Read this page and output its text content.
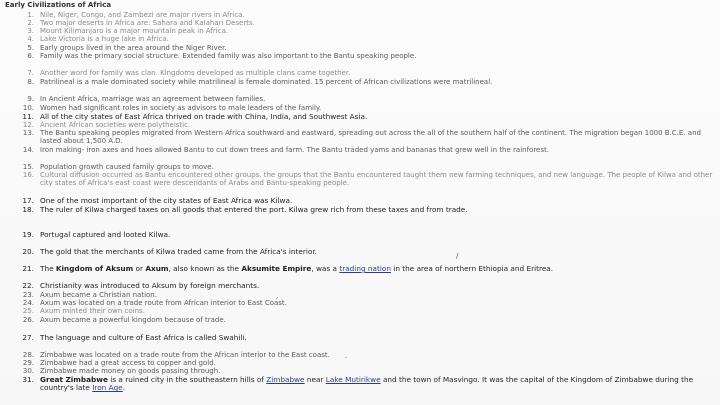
Early Civilizations of Africa
1. Nile, Niger, Congo, and Zambezi are major rivers in Africa.
2. Two major deserts in Africa are: Sahara and Kalahari Deserts.
3. Mount Kilimanjaro is a major mountain peak in Africa.
4. Lake Victoria is a huge lake in Africa.
5. Early groups lived in the area around the Niger River.
6. Family was the primary social structure. Extended family was also important to the Bantu speaking people.
7. Another word for family was clan. Kingdoms developed as multiple clans came together.
8. Patrilineal is a male dominated society while matrilineal is female dominated. 15 percent of African civilizations were matrilineal.
9. In Ancient Africa, marriage was an agreement between families.
10. Women had significant roles in society as advisors to male leaders of the family.
11. All of the city states of East Africa thrived on trade with China, India, and Southwest Asia.
12. Ancient African societies were polytheistic.
13. The Bantu speaking peoples migrated from Western Africa southward and eastward, spreading out across the all of the southern half of the continent. The migration began 1000 B.C.E. and lasted about 1,500 A.D.
14. Iron making- iron axes and hoes allowed Bantu to cut down trees and farm. The Bantu traded yams and bananas that grew well in the rainforest.
15. Population growth caused family groups to move.
16. Cultural diffusion occurred as Bantu encountered other groups. the groups that the Bantu encountered taught them new farming techniques, and new language. The people of Kilwa and other city states of Africa's east coast were descendants of Arabs and Bantu-speaking people.
17. One of the most important of the city states of East Africa was Kilwa.
18. The ruler of Kilwa charged taxes on all goods that entered the port. Kilwa grew rich from these taxes and from trade.
19. Portugal captured and looted Kilwa.
20. The gold that the merchants of Kilwa traded came from the Africa's interior.
21. The Kingdom of Aksum or Axum, also known as the Aksumite Empire, was a trading nation in the area of northern Ethiopia and Eritrea.
22. Christianity was introduced to Aksum by foreign merchants.
23. Axum became a Christian nation.
24. Axum was located on a trade route from African interior to East Coast.
25. Axum minted their own coins.
26. Axum became a powerful kingdom because of trade.
27. The language and culture of East Africa is called Swahili.
28. Zimbabwe was located on a trade route from the African interior to the East coast.
29. Zimbabwe had a great access to copper and gold.
30. Zimbabwe made money on goods passing through.
31. Great Zimbabwe is a ruined city in the southeastern hills of Zimbabwe near Lake Mutirikwe and the town of Masvingo. It was the capital of the Kingdom of Zimbabwe during the country's late Iron Age.
,
/
.
